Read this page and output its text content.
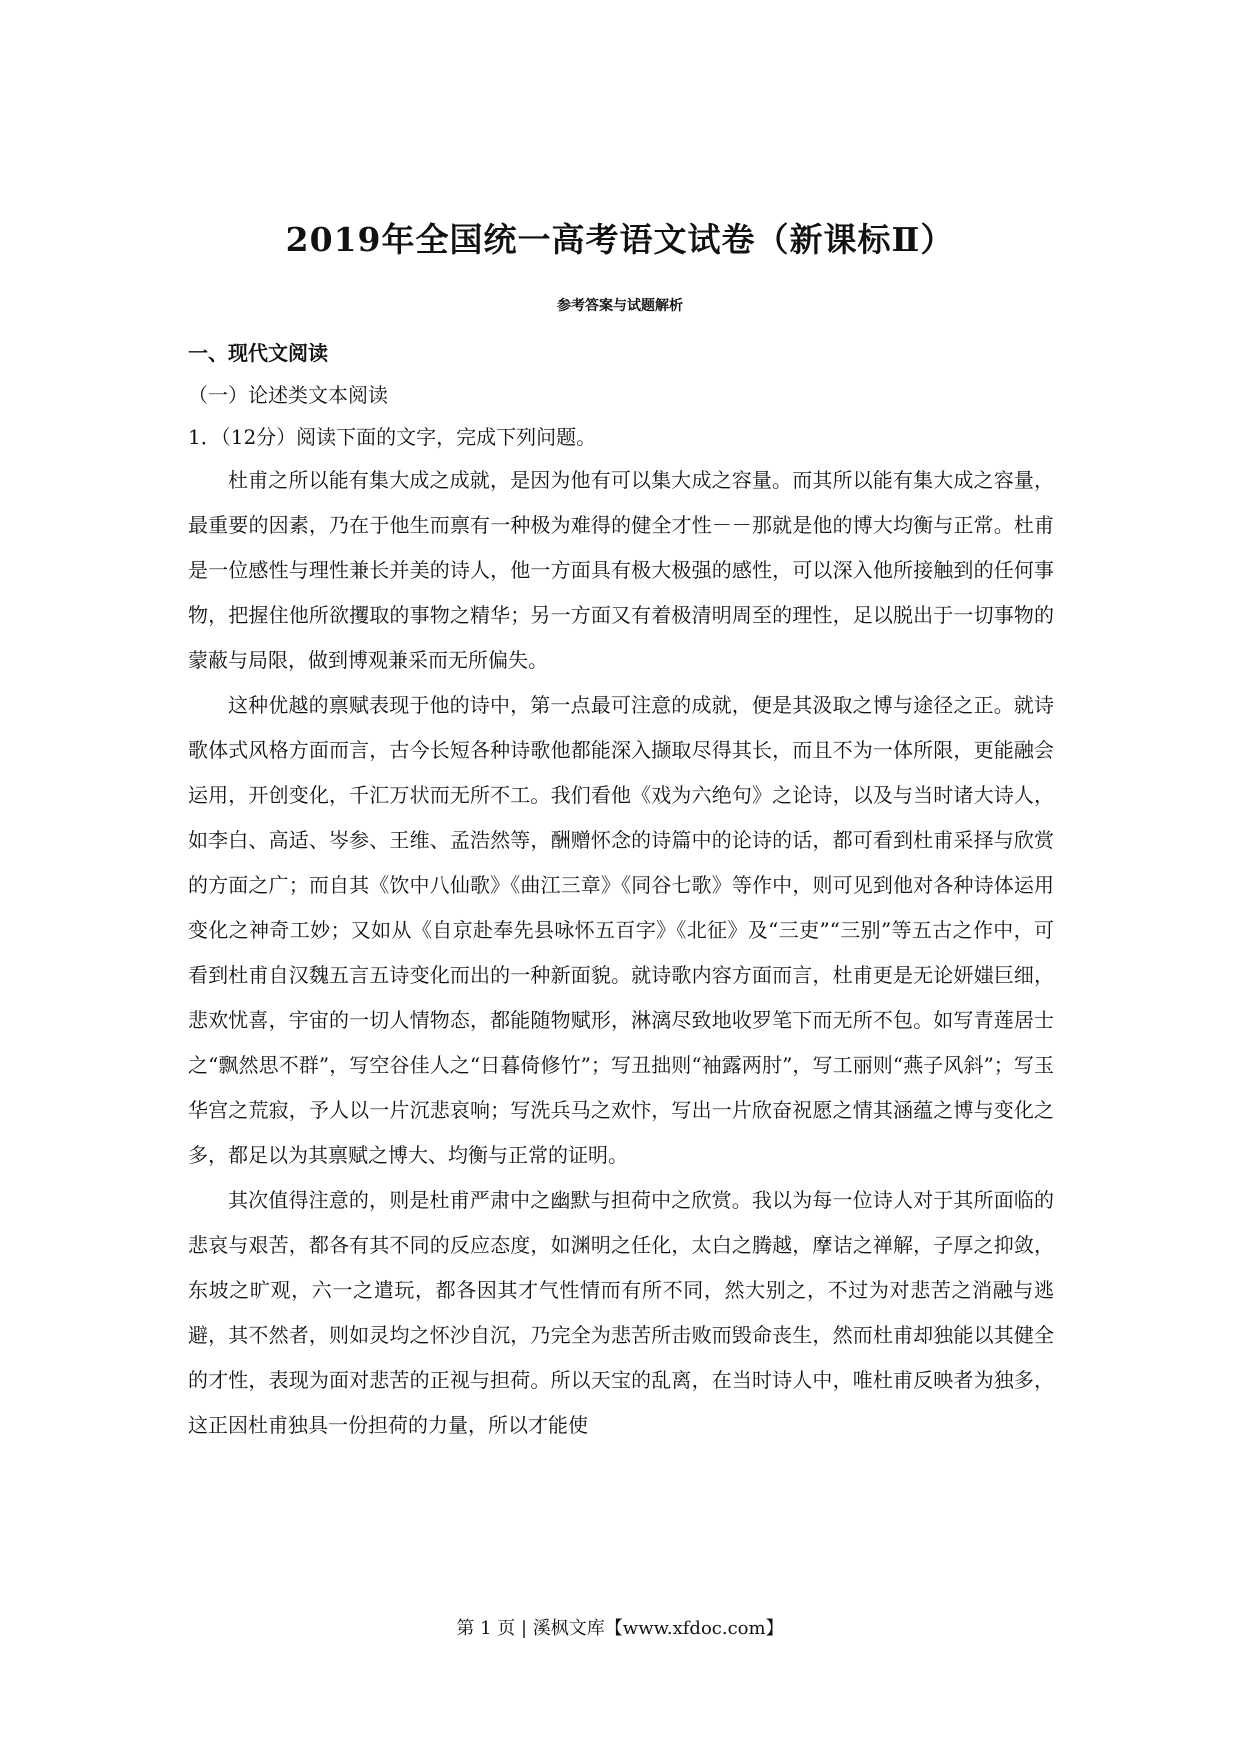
2019年全国统一高考语文试卷（新课标Ⅱ）

参考答案与试题解析

一、现代文阅读

（一）论述类文本阅读

1．（12分）阅读下面的文字，完成下列问题。

杜甫之所以能有集大成之成就，是因为他有可以集大成之容量。而其所以能有集大成之容量，最重要的因素，乃在于他生而禀有一种极为难得的健全才性－－那就是他的博大均衡与正常。杜甫是一位感性与理性兼长并美的诗人，他一方面具有极大极强的感性，可以深入他所接触到的任何事物，把握住他所欲攫取的事物之精华；另一方面又有着极清明周至的理性，足以脱出于一切事物的蒙蔽与局限，做到博观兼采而无所偏失。

这种优越的禀赋表现于他的诗中，第一点最可注意的成就，便是其汲取之博与途径之正。就诗歌体式风格方面而言，古今长短各种诗歌他都能深入撷取尽得其长，而且不为一体所限，更能融会运用，开创变化，千汇万状而无所不工。我们看他《戏为六绝句》之论诗，以及与当时诸大诗人，如李白、高适、岑参、王维、孟浩然等，酬赠怀念的诗篇中的论诗的话，都可看到杜甫采择与欣赏的方面之广；而自其《饮中八仙歌》《曲江三章》《同谷七歌》等作中，则可见到他对各种诗体运用变化之神奇工妙；又如从《自京赴奉先县咏怀五百字》《北征》及“三吏”“三别”等五古之作中，可看到杜甫自汉魏五言五诗变化而出的一种新面貌。就诗歌内容方面而言，杜甫更是无论妍媸巨细，悲欢忧喜，宇宙的一切人情物态，都能随物赋形，淋漓尽致地收罗笔下而无所不包。如写青莲居士之“飘然思不群”，写空谷佳人之“日暮倚修竹”；写丑拙则“袖露两肘”，写工丽则“燕子风斜”；写玉华宫之荒寂，予人以一片沉悲哀响；写洗兵马之欢忭，写出一片欣奋祝愿之情其涵蕴之博与变化之多，都足以为其禀赋之博大、均衡与正常的证明。

其次值得注意的，则是杜甫严肃中之幽默与担荷中之欣赏。我以为每一位诗人对于其所面临的悲哀与艰苦，都各有其不同的反应态度，如渊明之任化，太白之腾越，摩诘之禅解，子厚之抑敛，东坡之旷观，六一之遣玩，都各因其才气性情而有所不同，然大别之，不过为对悲苦之消融与逃避，其不然者，则如灵均之怀沙自沉，乃完全为悲苦所击败而毁命丧生，然而杜甫却独能以其健全的才性，表现为面对悲苦的正视与担荷。所以天宝的乱离，在当时诗人中，唯杜甫反映者为独多，这正因杜甫独具一份担荷的力量，所以才能使

第 1 页 | 溪枫文库【www.xfdoc.com】
